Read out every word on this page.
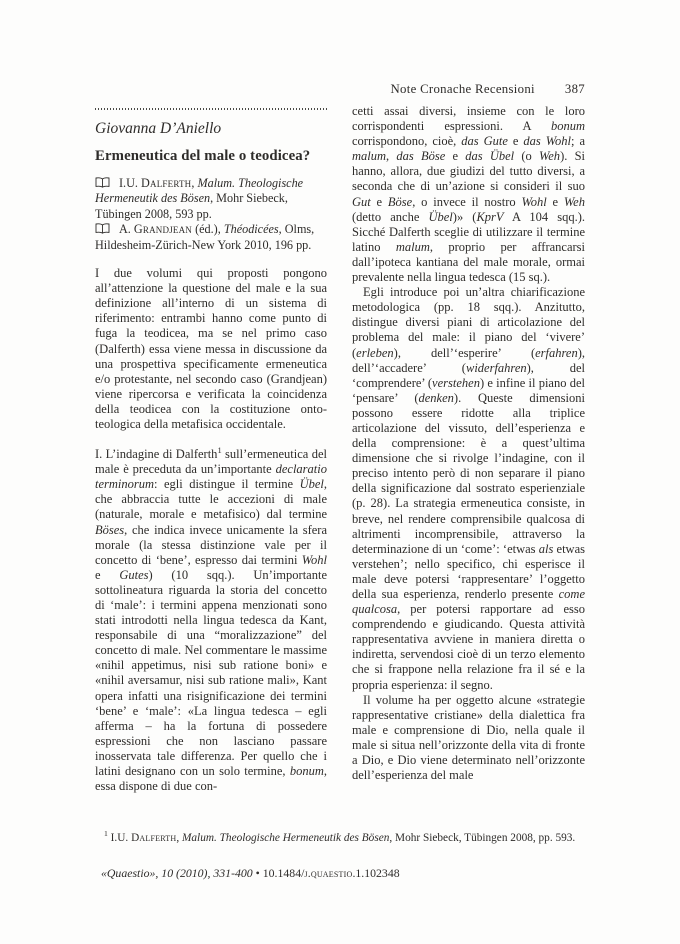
Note Cronache Recensioni 387

Giovanna D’Aniello

Ermeneutica del male o teodicea?

I.U. Dalferth, Malum. Theologische Hermeneutik des Bösen, Mohr Siebeck, Tübingen 2008, 593 pp.

A. Grandjean (éd.), Théodicées, Olms, Hildesheim-Zürich-New York 2010, 196 pp.

I due volumi qui proposti pongono all’attenzione la questione del male e la sua definizione all’interno di un sistema di riferimento: entrambi hanno come punto di fuga la teodicea, ma se nel primo caso (Dalferth) essa viene messa in discussione da una prospettiva specificamente ermeneutica e/o protestante, nel secondo caso (Grandjean) viene ripercorsa e verificata la coincidenza della teodicea con la costituzione onto-teologica della metafisica occidentale.

I. L’indagine di Dalferth$^1$ sull’ermeneutica del male è preceduta da un’importante declaratio terminorum: egli distingue il termine Übel, che abbraccia tutte le accezioni di male (naturale, morale e metafisico) dal termine Böses, che indica invece unicamente la sfera morale (la stessa distinzione vale per il concetto di ‘bene’, espresso dai termini Wohl e Gutes) (10 sqq.). Un’importante sottolineatura riguarda la storia del concetto di ‘male’: i termini appena menzionati sono stati introdotti nella lingua tedesca da Kant, responsabile di una “moralizzazione” del concetto di male. Nel commentare le massime «nihil appetimus, nisi sub ratione boni» e «nihil aversamur, nisi sub ratione mali», Kant opera infatti una risignificazione dei termini ‘bene’ e ‘male’: «La lingua tedesca – egli afferma – ha la fortuna di possedere espressioni che non lasciano passare inosservata tale differenza. Per quello che i latini designano con un solo termine, bonum, essa dispone di due con-

cetti assai diversi, insieme con le loro corrispondenti espressioni. A bonum corrispondono, cioè, das Gute e das Wohl; a malum, das Böse e das Übel (o Weh). Si hanno, allora, due giudizi del tutto diversi, a seconda che di un’azione si consideri il suo Gut e Böse, o invece il nostro Wohl e Weh (detto anche Übel)» (KprV A 104 sqq.). Sicché Dalferth sceglie di utilizzare il termine latino malum, proprio per affrancarsi dall’ipoteca kantiana del male morale, ormai prevalente nella lingua tedesca (15 sq.).

Egli introduce poi un’altra chiarificazione metodologica (pp. 18 sqq.). Anzitutto, distingue diversi piani di articolazione del problema del male: il piano del ‘vivere’ (erleben), dell’‘esperire’ (erfahren), dell’‘accadere’ (widerfahren), del ‘comprendere’ (verstehen) e infine il piano del ‘pensare’ (denken). Queste dimensioni possono essere ridotte alla triplice articolazione del vissuto, dell’esperienza e della comprensione: è a quest’ultima dimensione che si rivolge l’indagine, con il preciso intento però di non separare il piano della significazione dal sostrato esperienziale (p. 28). La strategia ermeneutica consiste, in breve, nel rendere comprensibile qualcosa di altrimenti incomprensibile, attraverso la determinazione di un ‘come’: ‘etwas als etwas verstehen’; nello specifico, chi esperisce il male deve potersi ‘rappresentare’ l’oggetto della sua esperienza, renderlo presente come qualcosa, per potersi rapportare ad esso comprendendo e giudicando. Questa attività rappresentativa avviene in maniera diretta o indiretta, servendosi cioè di un terzo elemento che si frappone nella relazione fra il sé e la propria esperienza: il segno.

Il volume ha per oggetto alcune «strategie rappresentative cristiane» della dialettica fra male e comprensione di Dio, nella quale il male si situa nell’orizzonte della vita di fronte a Dio, e Dio viene determinato nell’orizzonte dell’esperienza del male

$^1$ I.U. Dalferth, Malum. Theologische Hermeneutik des Bösen, Mohr Siebeck, Tübingen 2008, pp. 593.
«Quaestio», 10 (2010), 331-400 • 10.1484/j.quaestio.1.102348
